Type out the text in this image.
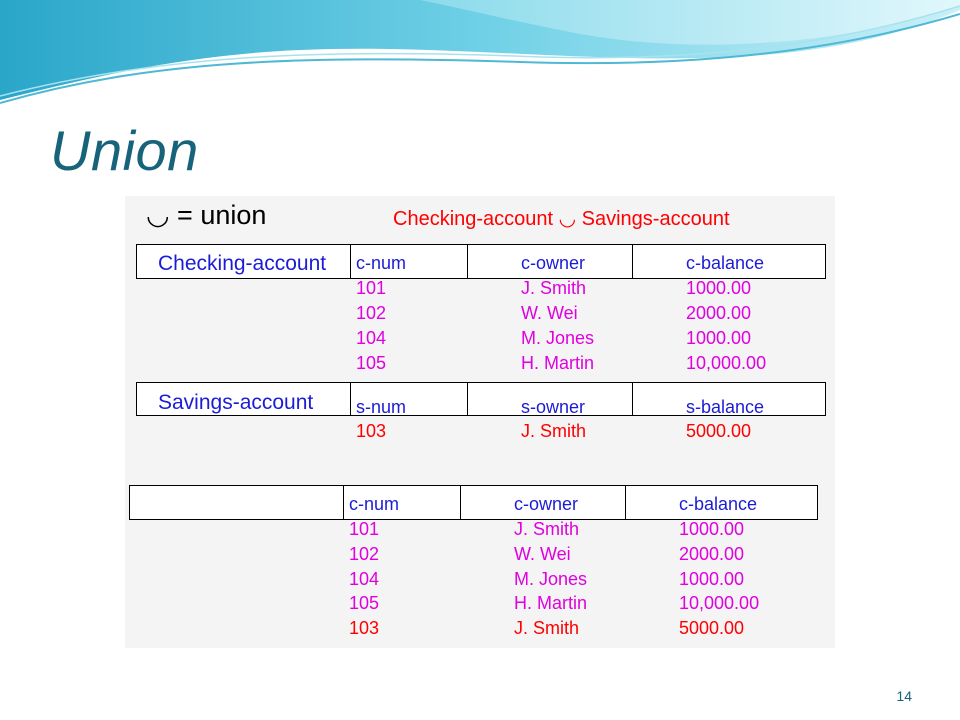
Union
◡ = union	Checking-account ◡ Savings-account
Checking-account c-num	c-owner	c-balance
101	J. Smith	1000.00
102	W. Wei	2000.00
104	M. Jones	1000.00
105	H. Martin	10,000.00
Savings-account s-num	s-owner	s-balance
103	J. Smith	5000.00
c-num	c-owner	c-balance
101	J. Smith	1000.00
102	W. Wei	2000.00
104	M. Jones	1000.00
105	H. Martin	10,000.00
103	J. Smith	5000.00
14
